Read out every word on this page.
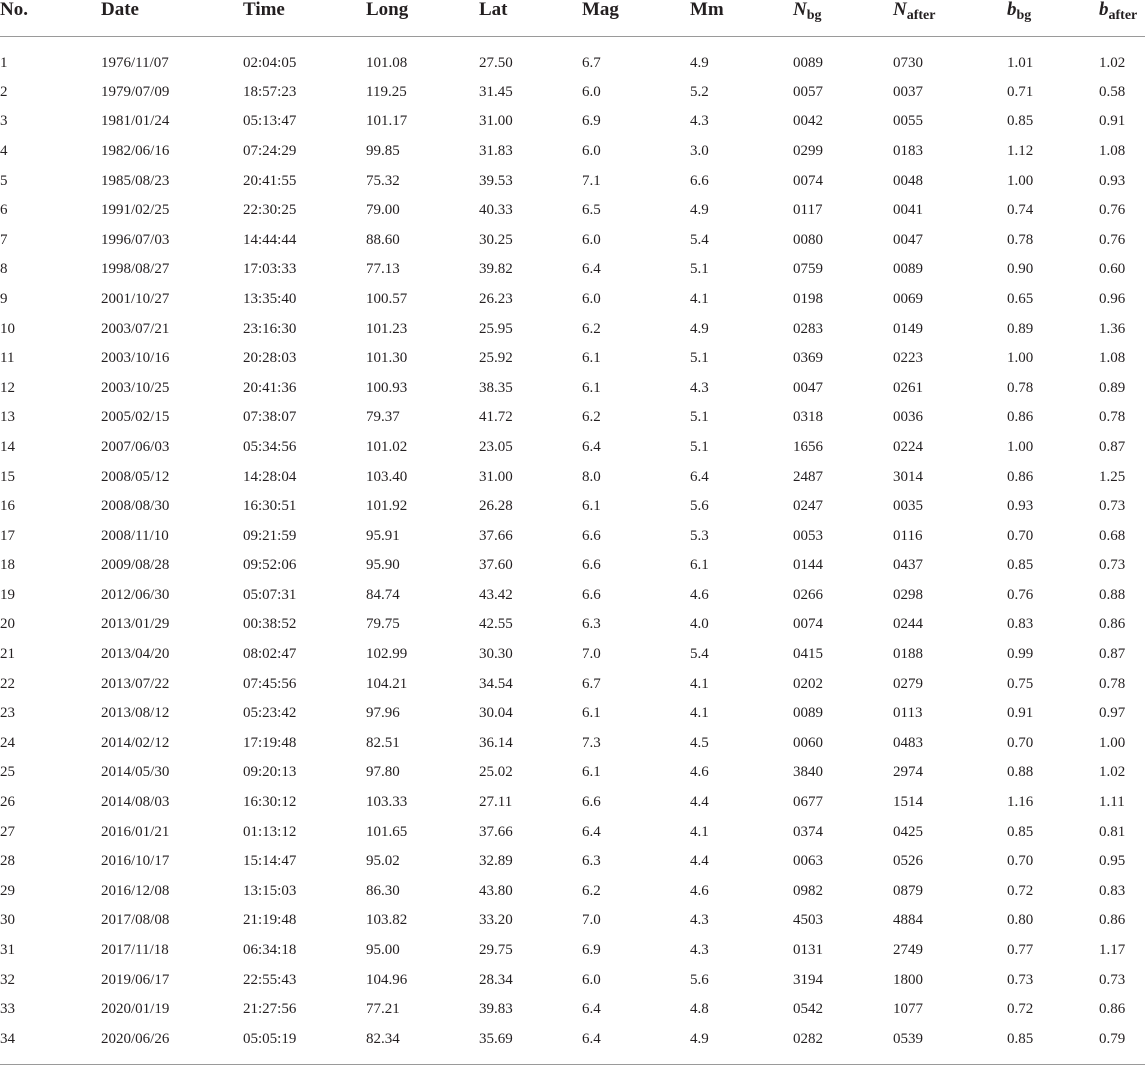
No.	Date	Time	Long	Lat	Mag	Mm	$N_{bg}$	$N_{after}$	$b_{bg}$	$b_{after}$
1	1976/11/07	02:04:05	101.08	27.50	6.7	4.9	0089	0730	1.01	1.02
2	1979/07/09	18:57:23	119.25	31.45	6.0	5.2	0057	0037	0.71	0.58
3	1981/01/24	05:13:47	101.17	31.00	6.9	4.3	0042	0055	0.85	0.91
4	1982/06/16	07:24:29	99.85	31.83	6.0	3.0	0299	0183	1.12	1.08
5	1985/08/23	20:41:55	75.32	39.53	7.1	6.6	0074	0048	1.00	0.93
6	1991/02/25	22:30:25	79.00	40.33	6.5	4.9	0117	0041	0.74	0.76
7	1996/07/03	14:44:44	88.60	30.25	6.0	5.4	0080	0047	0.78	0.76
8	1998/08/27	17:03:33	77.13	39.82	6.4	5.1	0759	0089	0.90	0.60
9	2001/10/27	13:35:40	100.57	26.23	6.0	4.1	0198	0069	0.65	0.96
10	2003/07/21	23:16:30	101.23	25.95	6.2	4.9	0283	0149	0.89	1.36
11	2003/10/16	20:28:03	101.30	25.92	6.1	5.1	0369	0223	1.00	1.08
12	2003/10/25	20:41:36	100.93	38.35	6.1	4.3	0047	0261	0.78	0.89
13	2005/02/15	07:38:07	79.37	41.72	6.2	5.1	0318	0036	0.86	0.78
14	2007/06/03	05:34:56	101.02	23.05	6.4	5.1	1656	0224	1.00	0.87
15	2008/05/12	14:28:04	103.40	31.00	8.0	6.4	2487	3014	0.86	1.25
16	2008/08/30	16:30:51	101.92	26.28	6.1	5.6	0247	0035	0.93	0.73
17	2008/11/10	09:21:59	95.91	37.66	6.6	5.3	0053	0116	0.70	0.68
18	2009/08/28	09:52:06	95.90	37.60	6.6	6.1	0144	0437	0.85	0.73
19	2012/06/30	05:07:31	84.74	43.42	6.6	4.6	0266	0298	0.76	0.88
20	2013/01/29	00:38:52	79.75	42.55	6.3	4.0	0074	0244	0.83	0.86
21	2013/04/20	08:02:47	102.99	30.30	7.0	5.4	0415	0188	0.99	0.87
22	2013/07/22	07:45:56	104.21	34.54	6.7	4.1	0202	0279	0.75	0.78
23	2013/08/12	05:23:42	97.96	30.04	6.1	4.1	0089	0113	0.91	0.97
24	2014/02/12	17:19:48	82.51	36.14	7.3	4.5	0060	0483	0.70	1.00
25	2014/05/30	09:20:13	97.80	25.02	6.1	4.6	3840	2974	0.88	1.02
26	2014/08/03	16:30:12	103.33	27.11	6.6	4.4	0677	1514	1.16	1.11
27	2016/01/21	01:13:12	101.65	37.66	6.4	4.1	0374	0425	0.85	0.81
28	2016/10/17	15:14:47	95.02	32.89	6.3	4.4	0063	0526	0.70	0.95
29	2016/12/08	13:15:03	86.30	43.80	6.2	4.6	0982	0879	0.72	0.83
30	2017/08/08	21:19:48	103.82	33.20	7.0	4.3	4503	4884	0.80	0.86
31	2017/11/18	06:34:18	95.00	29.75	6.9	4.3	0131	2749	0.77	1.17
32	2019/06/17	22:55:43	104.96	28.34	6.0	5.6	3194	1800	0.73	0.73
33	2020/01/19	21:27:56	77.21	39.83	6.4	4.8	0542	1077	0.72	0.86
34	2020/06/26	05:05:19	82.34	35.69	6.4	4.9	0282	0539	0.85	0.79
